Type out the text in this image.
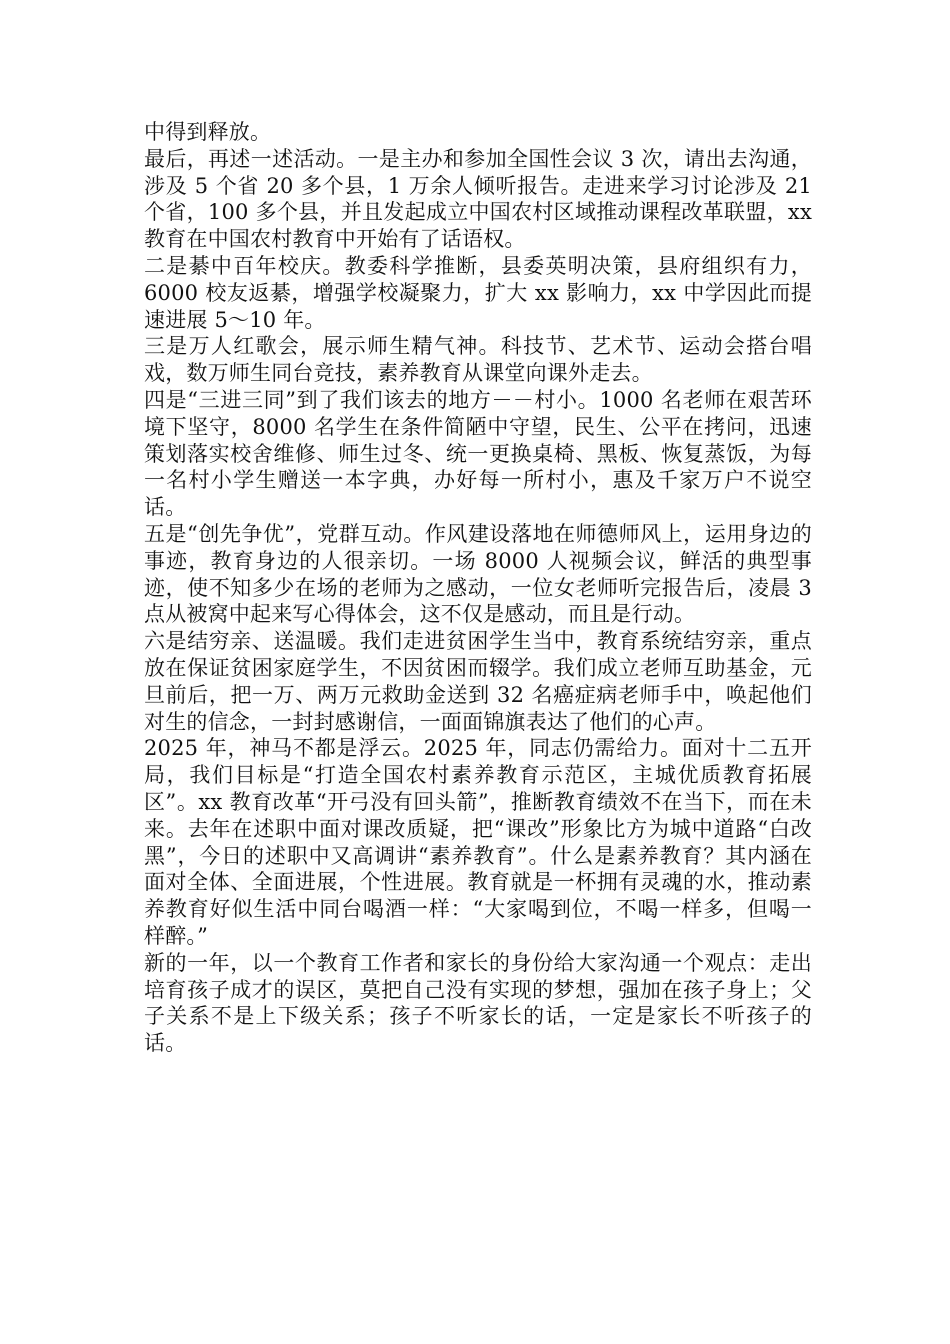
中得到释放。

最后，再述一述活动。一是主办和参加全国性会议 3 次，请出去沟通，涉及 5 个省 20 多个县，1 万余人倾听报告。走进来学习讨论涉及 21 个省，100 多个县，并且发起成立中国农村区域推动课程改革联盟，xx 教育在中国农村教育中开始有了话语权。

二是綦中百年校庆。教委科学推断，县委英明决策，县府组织有力，6000 校友返綦，增强学校凝聚力，扩大 xx 影响力，xx 中学因此而提速进展 5～10 年。

三是万人红歌会，展示师生精气神。科技节、艺术节、运动会搭台唱戏，数万师生同台竞技，素养教育从课堂向课外走去。

四是“三进三同”到了我们该去的地方－－村小。1000 名老师在艰苦环境下坚守，8000 名学生在条件简陋中守望，民生、公平在拷问，迅速策划落实校舍维修、师生过冬、统一更换桌椅、黑板、恢复蒸饭，为每一名村小学生赠送一本字典，办好每一所村小，惠及千家万户不说空话。

五是“创先争优”，党群互动。作风建设落地在师德师风上，运用身边的事迹，教育身边的人很亲切。一场 8000 人视频会议，鲜活的典型事迹，使不知多少在场的老师为之感动，一位女老师听完报告后，凌晨 3 点从被窝中起来写心得体会，这不仅是感动，而且是行动。

六是结穷亲、送温暖。我们走进贫困学生当中，教育系统结穷亲，重点放在保证贫困家庭学生，不因贫困而辍学。我们成立老师互助基金，元旦前后，把一万、两万元救助金送到 32 名癌症病老师手中，唤起他们对生的信念，一封封感谢信，一面面锦旗表达了他们的心声。

2025 年，神马不都是浮云。2025 年，同志仍需给力。面对十二五开局，我们目标是“打造全国农村素养教育示范区，主城优质教育拓展区”。xx 教育改革“开弓没有回头箭”，推断教育绩效不在当下，而在未来。去年在述职中面对课改质疑，把“课改”形象比方为城中道路“白改黑”，今日的述职中又高调讲“素养教育”。什么是素养教育？其内涵在面对全体、全面进展，个性进展。教育就是一杯拥有灵魂的水，推动素养教育好似生活中同台喝酒一样：“大家喝到位，不喝一样多，但喝一样醉。”

新的一年，以一个教育工作者和家长的身份给大家沟通一个观点：走出培育孩子成才的误区，莫把自己没有实现的梦想，强加在孩子身上；父子关系不是上下级关系；孩子不听家长的话，一定是家长不听孩子的话。
